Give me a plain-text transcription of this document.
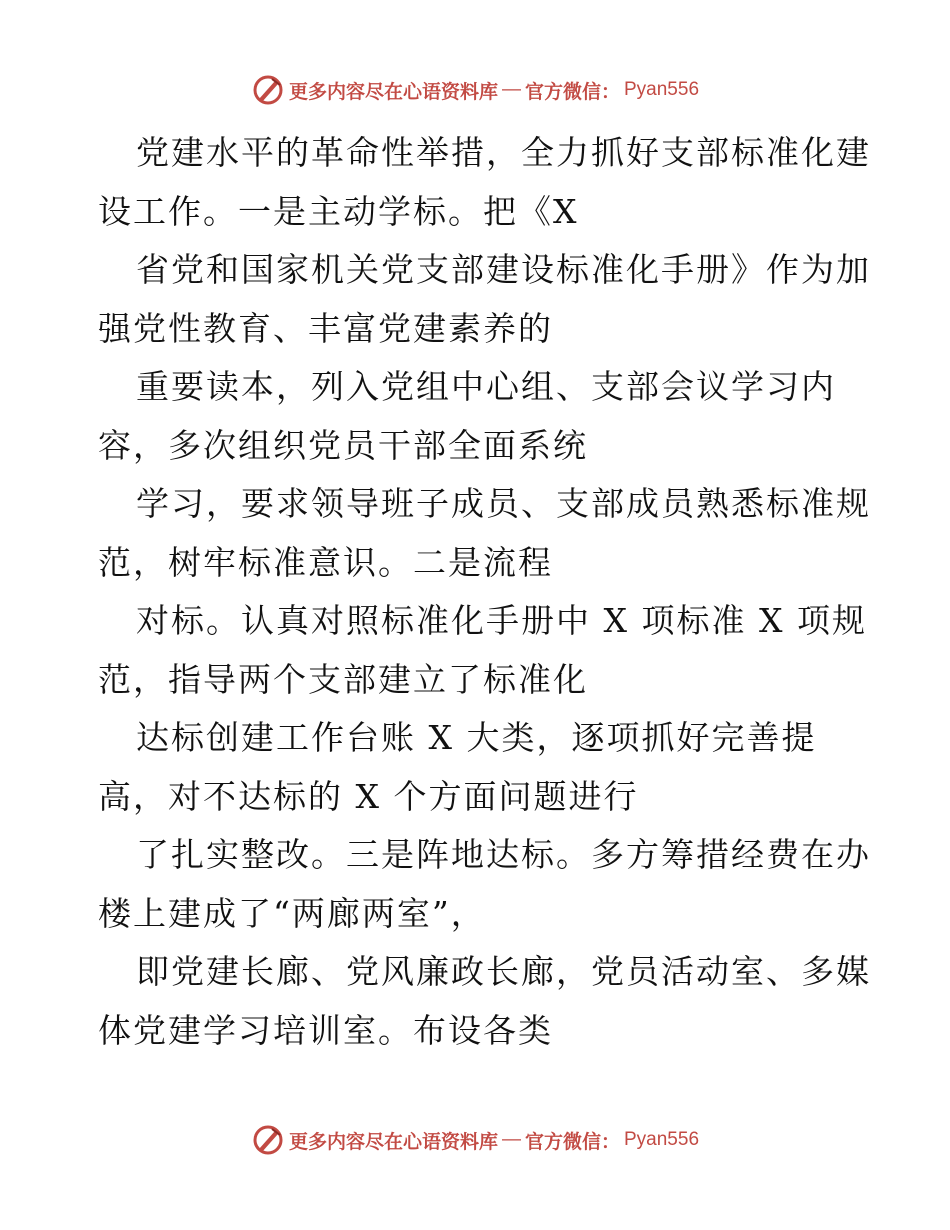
更多内容尽在心语资料库 — 官方微信： Pyan556
党建水平的革命性举措，全力抓好支部标准化建
设工作。一是主动学标。把《X
省党和国家机关党支部建设标准化手册》作为加
强党性教育、丰富党建素养的
重要读本，列入党组中心组、支部会议学习内
容，多次组织党员干部全面系统
学习，要求领导班子成员、支部成员熟悉标准规
范，树牢标准意识。二是流程
对标。认真对照标准化手册中 X 项标准 X 项规
范，指导两个支部建立了标准化
达标创建工作台账 X 大类，逐项抓好完善提
高，对不达标的 X 个方面问题进行
了扎实整改。三是阵地达标。多方筹措经费在办
楼上建成了“两廊两室”，
即党建长廊、党风廉政长廊，党员活动室、多媒
体党建学习培训室。布设各类
更多内容尽在心语资料库 — 官方微信： Pyan556
